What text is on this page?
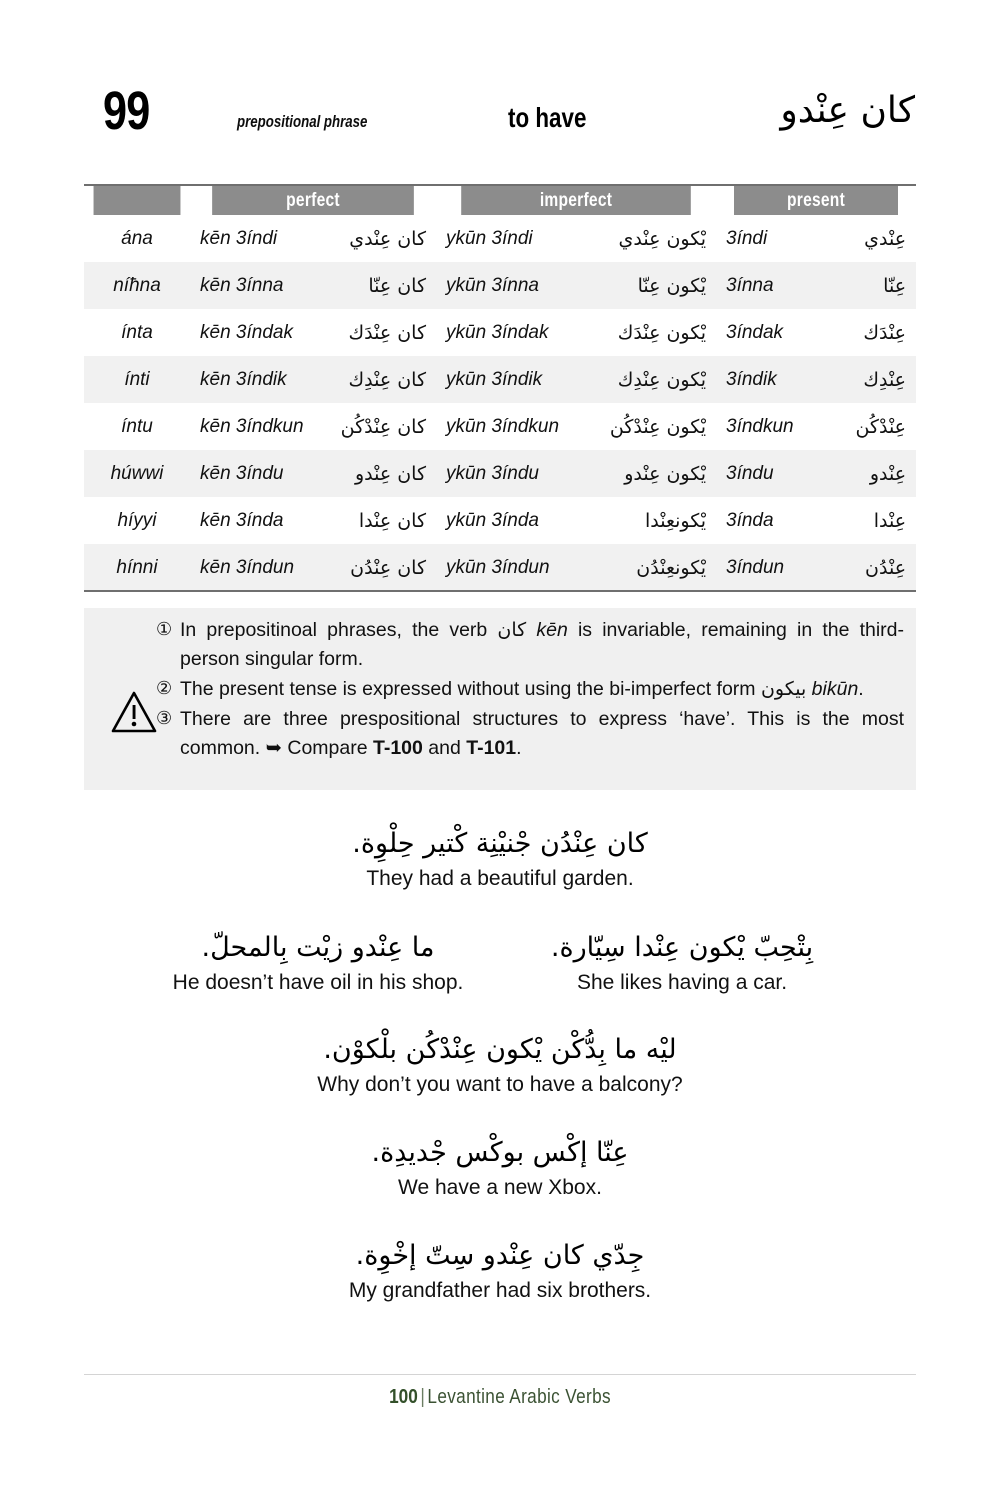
99	prepositional phrase	to have	كان عِنْدو
	perfect		imperfect		present	
ána	kēn 3índi	كان عِنْدي	ykūn 3índi	يْكون عِنْدي	3índi	عِنْدي
níħna	kēn 3ínna	كان عِنّا	ykūn 3ínna	يْكون عِنّا	3ínna	عِنّا
ínta	kēn 3índak	كان عِنْدَك	ykūn 3índak	يْكون عِنْدَك	3índak	عِنْدَك
ínti	kēn 3índik	كان عِنْدِك	ykūn 3índik	يْكون عِنْدِك	3índik	عِنْدِك
íntu	kēn 3índkun	كان عِنْدْكُن	ykūn 3índkun	يْكون عِنْدْكُن	3índkun	عِنْدْكُن
húwwi	kēn 3índu	كان عِنْدو	ykūn 3índu	يْكون عِنْدو	3índu	عِنْدو
híyyi	kēn 3índa	كان عِنْدا	ykūn 3índa	يْكونعِنْدا	3índa	عِنْدا
hínni	kēn 3índun	كان عِنْدُن	ykūn 3índun	يْكونعِنْدُن	3índun	عِنْدُن
① In prepositinoal phrases, the verb كان kēn is invariable, remaining in the third-person singular form.
② The present tense is expressed without using the bi-imperfect form بيكون bikūn.
③ There are three prespositional structures to express ‘have’. This is the most common. ➥ Compare T-100 and T-101.
كان عِنْدُن جْنيْنِة كْتير حِلْوِة.
They had a beautiful garden.
ما عِنْدو زيْت بِالمحلّ.
He doesn’t have oil in his shop.
بِتْحِبّ يْكون عِنْدا سِيّارة.
She likes having a car.
ليْه ما بِدُّكْن يْكون عِنْدْكُن بلْكوْن.
Why don’t you want to have a balcony?
عِنّا إكْس بوكْس جْديدِة.
We have a new Xbox.
جِدّي كان عِنْدو سِتّ إخْوِة.
My grandfather had six brothers.
100 | Levantine Arabic Verbs
